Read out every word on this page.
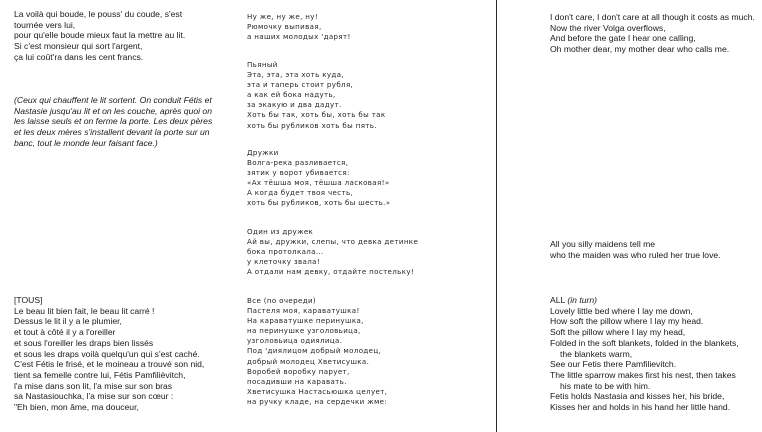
La voilà qui boude, le pouss' du coude, s'est
tournée vers lui,
pour qu'elle boude mieux faut la mettre au lit.
Si c'est monsieur qui sort l'argent,
ça lui coût'ra dans les cent francs.
(Ceux qui chauffent le lit sortent. On conduit Fétis et
Nastasie jusqu'au lit et on les couche, après quoi on
les laisse seuls et on ferme la porte. Les deux pères
et les deux mères s'installent devant la porte sur un
banc, tout le monde leur faisant face.)
[TOUS]
Le beau lit bien fait, le beau lit carré !
Dessus le lit il y a le plumier,
et tout à côté il y a l'oreiller
et sous l'oreiller les draps bien lissés
et sous les draps voilà quelqu'un qui s'est caché.
C'est Fétis le frisé, et le moineau a trouvé son nid,
tient sa femelle contre lui, Fétis Pamfilièvitch,
l'a mise dans son lit, l'a mise sur son bras
sa Nastasiouchka, l'a mise sur son cœur :
"Eh bien, mon âme, ma douceur,
Ну же, ну же, ну!
Рюмочку выпивая,
а наших молодых 'дарят!
Пьяный
Эта, эта, эта хоть куда,
эта и таперь стоит рубля,
а как ей бока надуть,
за экакую и два дадут.
Хоть бы так, хоть бы, хоть бы так
хоть бы рубликов хоть бы пять.
Дружки
Волга-река разливается,
зятик у ворот убивается:
«Ах тёшша моя, тёшша ласковая!»
А когда будет твоя честь,
хоть бы рубликов, хоть бы шесть.»
Один из дружек
Ай вы, дружки, слепы, что девка детинке
бока протолкала...
у клеточку звала!
А отдали нам девку, отдайте постельку!
Все (по очереди)
Пастеля моя, караватушка!
На караватушке перинушка,
на перинушке узголовьица,
узголовьица одиялица.
Под 'диялицом добрый молодец,
добрый молодец Хветисушка.
Воробей воробку парует,
посадивши на каравать.
Хветисушка Настасьюшка целует,
на ручку кладе, на сердечки жме:
I don't care, I don't care at all though it costs as much.
Now the river Volga overflows,
And before the gate I hear one calling,
Oh mother dear, my mother dear who calls me.
All you silly maidens tell me
who the maiden was who ruled her true love.
ALL (in turn)
Lovely little bed where I lay me down,
How soft the pillow where I lay my head.
Soft the pillow where I lay my head,
Folded in the soft blankets, folded in the blankets,
the blankets warm,
See our Fetis there Pamfilievitch.
The little sparrow makes first his nest, then takes
his mate to be with him.
Fetis holds Nastasia and kisses her, his bride,
Kisses her and holds in his hand her little hand.
